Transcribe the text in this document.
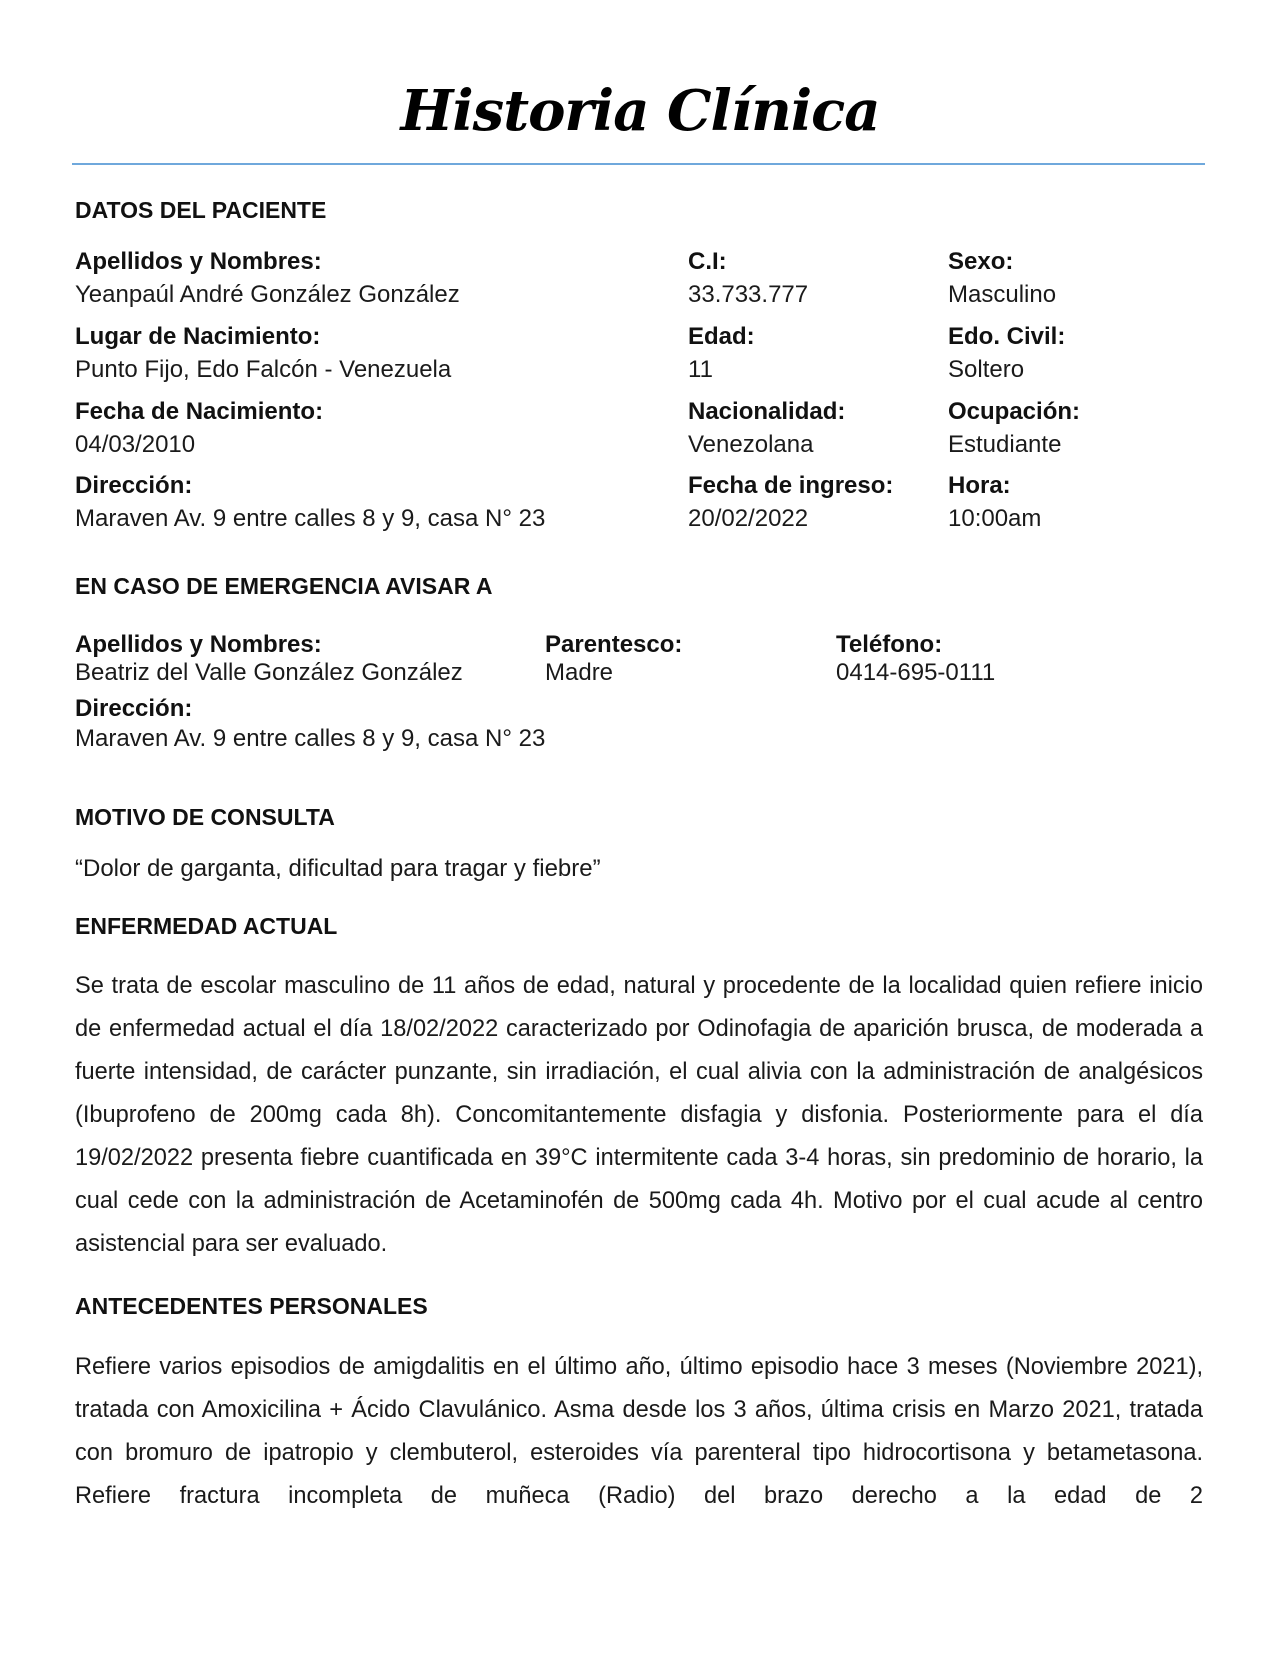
Historia Clínica
DATOS DEL PACIENTE
Apellidos y Nombres:
Yeanpaúl André González González
C.I:
33.733.777
Sexo:
Masculino
Lugar de Nacimiento:
Punto Fijo, Edo Falcón - Venezuela
Edad:
11
Edo. Civil:
Soltero
Fecha de Nacimiento:
04/03/2010
Nacionalidad:
Venezolana
Ocupación:
Estudiante
Dirección:
Maraven Av. 9 entre calles 8 y 9, casa N° 23
Fecha de ingreso:
20/02/2022
Hora:
10:00am
EN CASO DE EMERGENCIA AVISAR A
Apellidos y Nombres:
Beatriz del Valle González González
Parentesco:
Madre
Teléfono:
0414-695-0111
Dirección:
Maraven Av. 9 entre calles 8 y 9, casa N° 23
MOTIVO DE CONSULTA
“Dolor de garganta, dificultad para tragar y fiebre”
ENFERMEDAD ACTUAL
Se trata de escolar masculino de 11 años de edad, natural y procedente de la localidad quien refiere inicio de enfermedad actual el día 18/02/2022 caracterizado por Odinofagia de aparición brusca, de moderada a fuerte intensidad, de carácter punzante, sin irradiación, el cual alivia con la administración de analgésicos (Ibuprofeno de 200mg cada 8h). Concomitantemente disfagia y disfonia. Posteriormente para el día 19/02/2022 presenta fiebre cuantificada en 39°C intermitente cada 3-4 horas, sin predominio de horario, la cual cede con la administración de Acetaminofén de 500mg cada 4h. Motivo por el cual acude al centro asistencial para ser evaluado.
ANTECEDENTES PERSONALES
Refiere varios episodios de amigdalitis en el último año, último episodio hace 3 meses (Noviembre 2021), tratada con Amoxicilina + Ácido Clavulánico. Asma desde los 3 años, última crisis en Marzo 2021, tratada con bromuro de ipatropio y clembuterol, esteroides vía parenteral tipo hidrocortisona y betametasona. Refiere fractura incompleta de muñeca (Radio) del brazo derecho a la edad de 2
